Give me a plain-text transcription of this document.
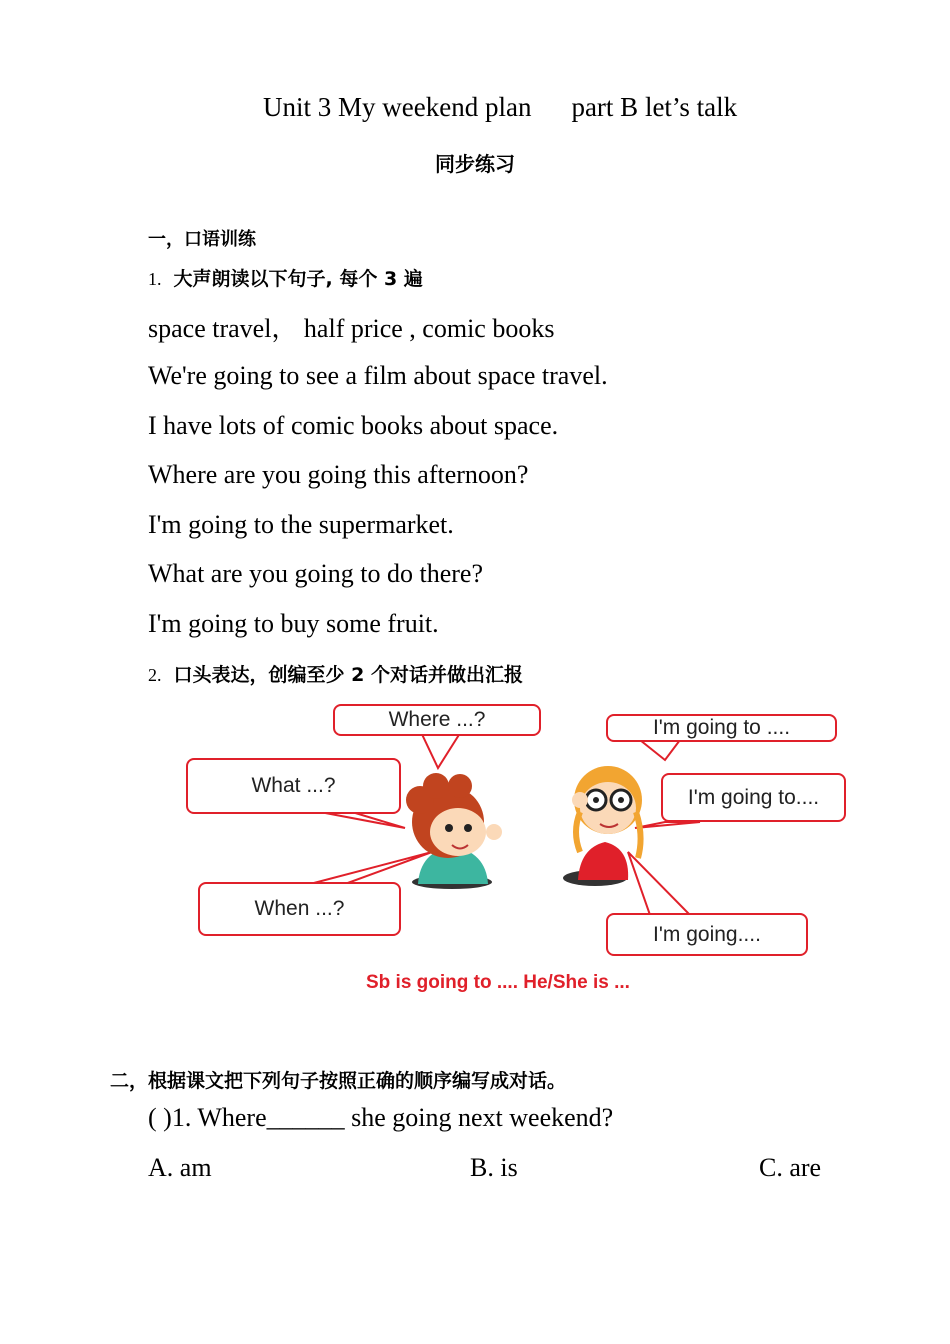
Unit 3 My weekend plan part B let’s talk
同步练习
一，口语训练
1. 大声朗读以下句子, 每个 3 遍
space travel， half price , comic books
We're going to see a film about space travel.
I have lots of comic books about space.
Where are you going this afternoon?
I'm going to the supermarket.
What are you going to do there?
I'm going to buy some fruit.
2. 口头表达，创编至少 2 个对话并做出汇报
Where ...?
What ...?
When ...?
I'm going to ....
I'm going to....
I'm going....
Sb is going to .... He/She is ...
二，根据课文把下列句子按照正确的顺序编写成对话。
( )1. Where______ she going next weekend?
A. am	B. is	C. are
